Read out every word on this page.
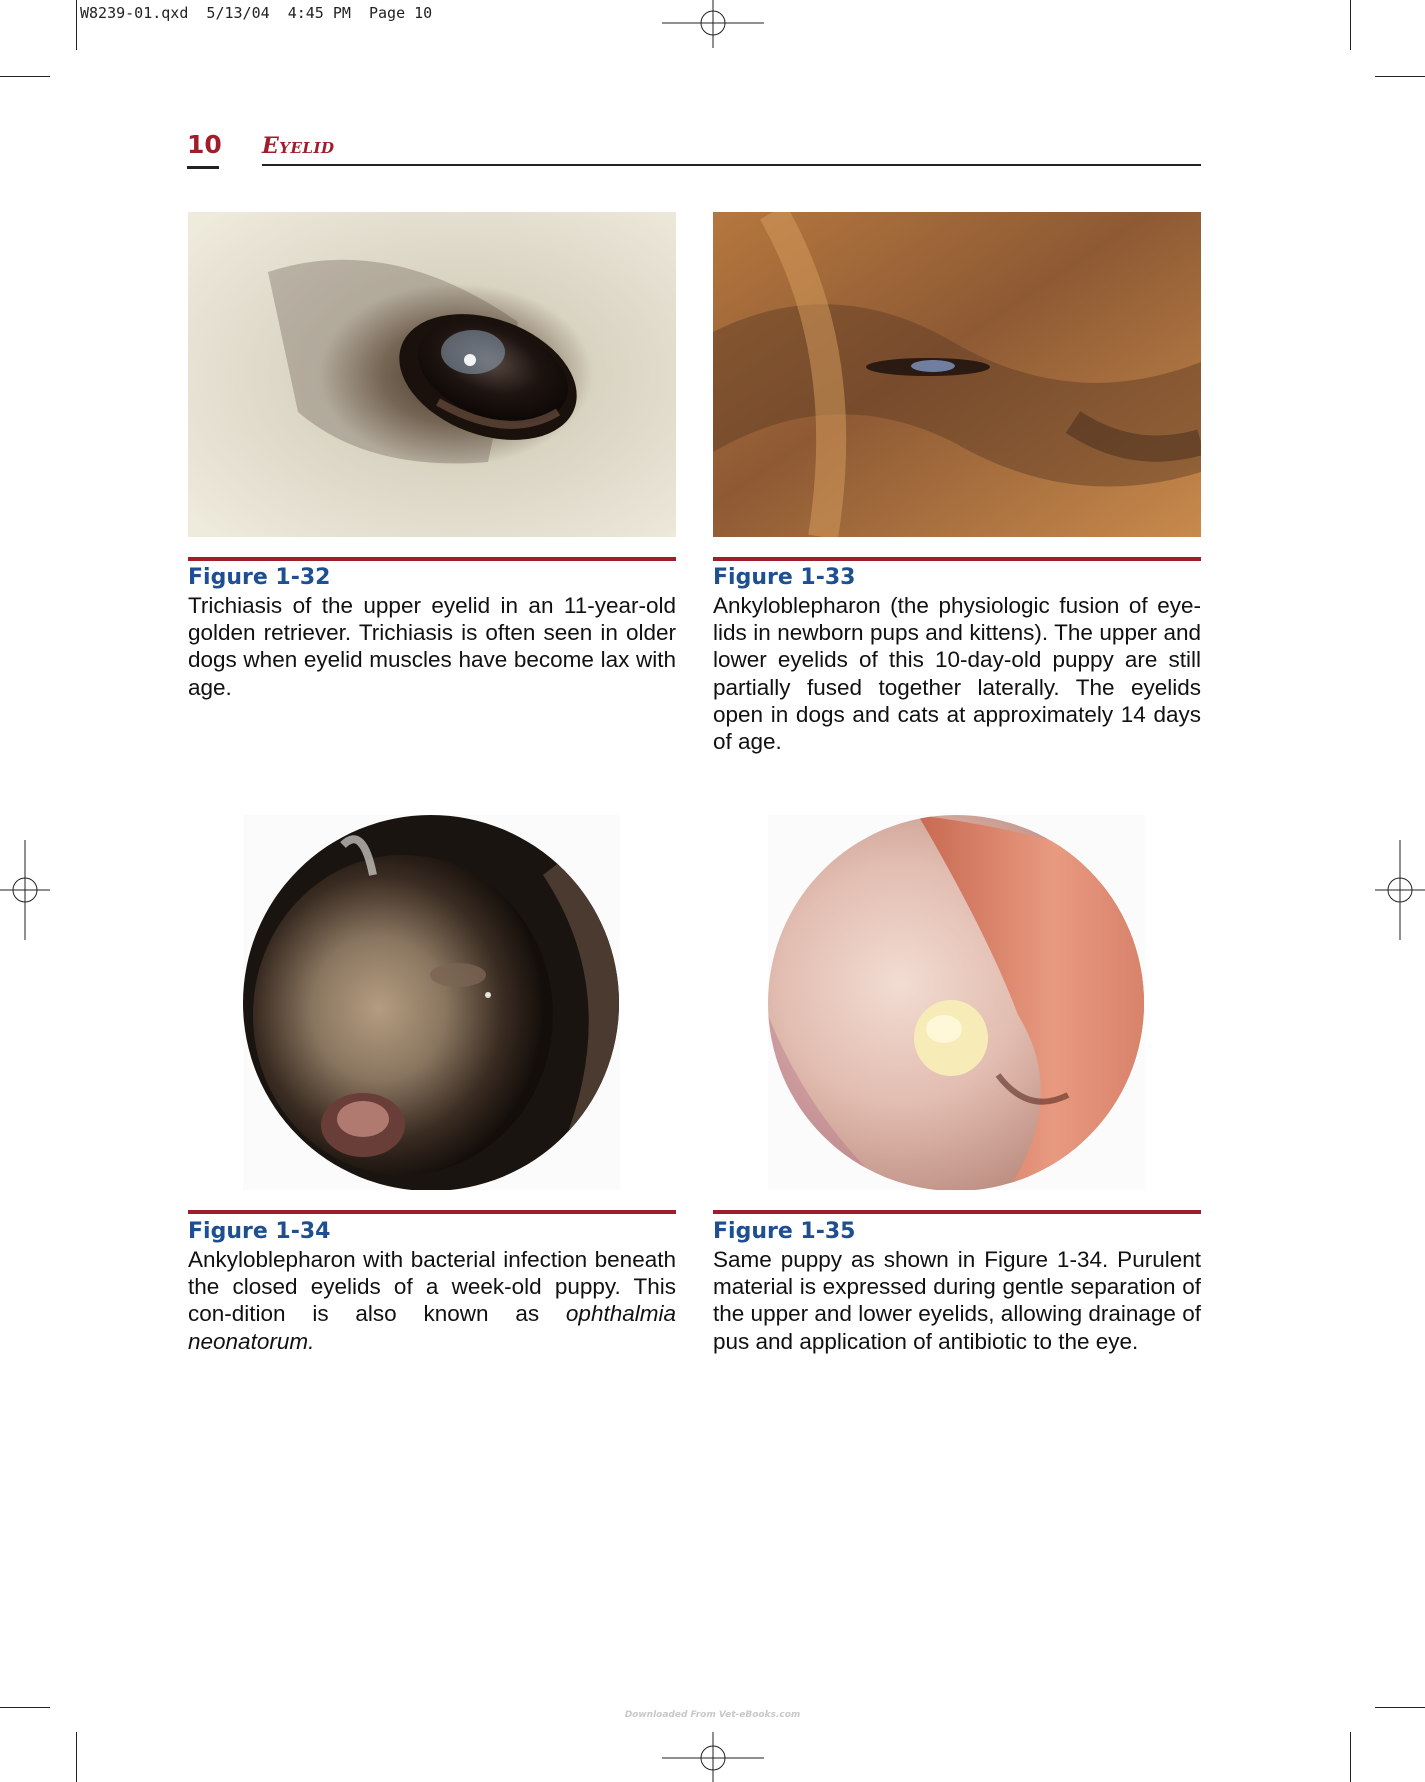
W8239-01.qxd  5/13/04  4:45 PM  Page 10
10 Eyelid
Figure 1-32
Trichiasis of the upper eyelid in an 11-year-old golden retriever. Trichiasis is often seen in older dogs when eyelid muscles have become lax with age.
Figure 1-33
Ankyloblepharon (the physiologic fusion of eye-lids in newborn pups and kittens). The upper and lower eyelids of this 10-day-old puppy are still partially fused together laterally. The eyelids open in dogs and cats at approximately 14 days of age.
Figure 1-34
Ankyloblepharon with bacterial infection beneath the closed eyelids of a week-old puppy. This con-dition is also known as ophthalmia neonatorum.
Figure 1-35
Same puppy as shown in Figure 1-34. Purulent material is expressed during gentle separation of the upper and lower eyelids, allowing drainage of pus and application of antibiotic to the eye.
Downloaded From Vet-eBooks.com
